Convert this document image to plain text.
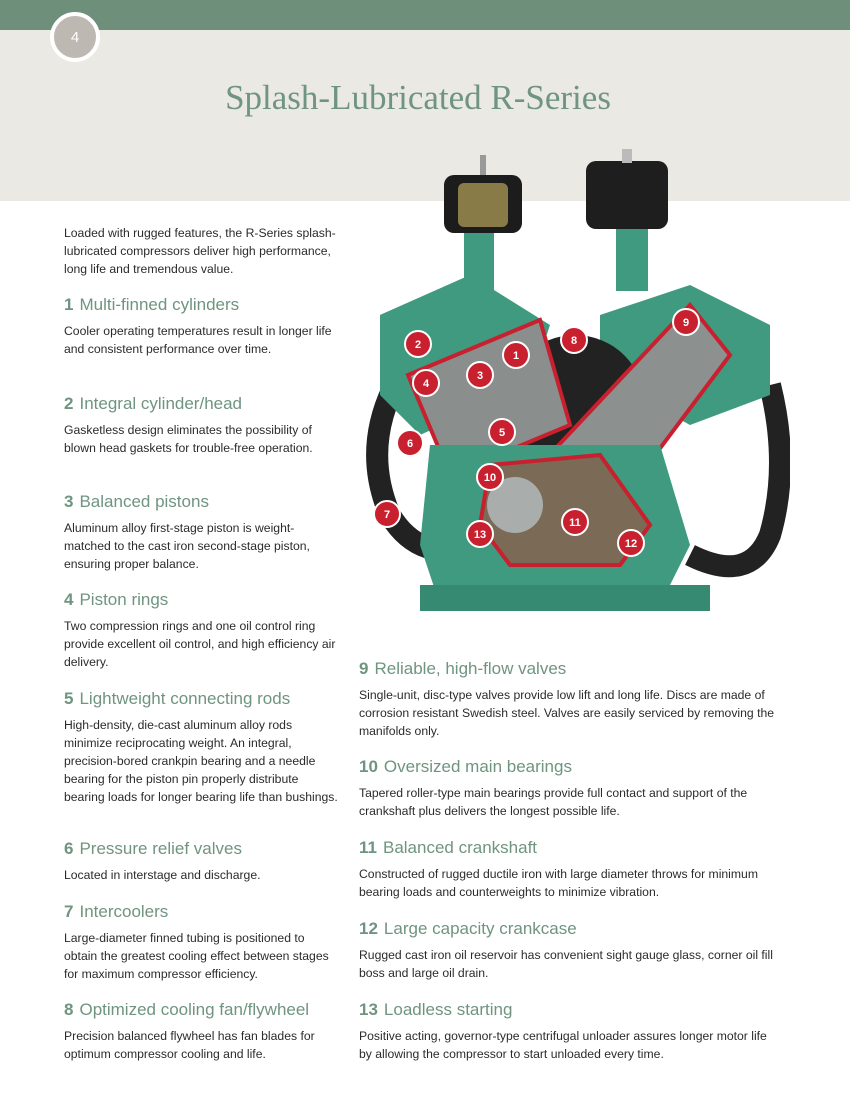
4
Splash-Lubricated R-Series
1
2
3
4
5
6
7
8
9
10
11
12
13

Loaded with rugged features, the R-Series splash-lubricated compressors deliver high performance, long life and tremendous value.

1 Multi-finned cylinders

Cooler operating temperatures result in longer life and consistent performance over time.

2 Integral cylinder/head

Gasketless design eliminates the possibility of blown head gaskets for trouble-free operation.

3 Balanced pistons

Aluminum alloy first-stage piston is weight-matched to the cast iron second-stage piston, ensuring proper balance.

4 Piston rings

Two compression rings and one oil control ring provide excellent oil control, and high efficiency air delivery.

5 Lightweight connecting rods

High-density, die-cast aluminum alloy rods minimize reciprocating weight. An integral, precision-bored crankpin bearing and a needle bearing for the piston pin properly distribute bearing loads for longer bearing life than bushings.

6 Pressure relief valves

Located in interstage and discharge.

7 Intercoolers

Large-diameter finned tubing is positioned to obtain the greatest cooling effect between stages for maximum compressor efficiency.

8 Optimized cooling fan/flywheel

Precision balanced flywheel has fan blades for optimum compressor cooling and life.

9 Reliable, high-flow valves

Single-unit, disc-type valves provide low lift and long life. Discs are made of corrosion resistant Swedish steel. Valves are easily serviced by removing the manifolds only.

10 Oversized main bearings

Tapered roller-type main bearings provide full contact and support of the crankshaft plus delivers the longest possible life.

11 Balanced crankshaft

Constructed of rugged ductile iron with large diameter throws for minimum bearing loads and counterweights to minimize vibration.

12 Large capacity crankcase

Rugged cast iron oil reservoir has convenient sight gauge glass, corner oil fill boss and large oil drain.

13 Loadless starting

Positive acting, governor-type centrifugal unloader assures longer motor life by allowing the compressor to start unloaded every time.
